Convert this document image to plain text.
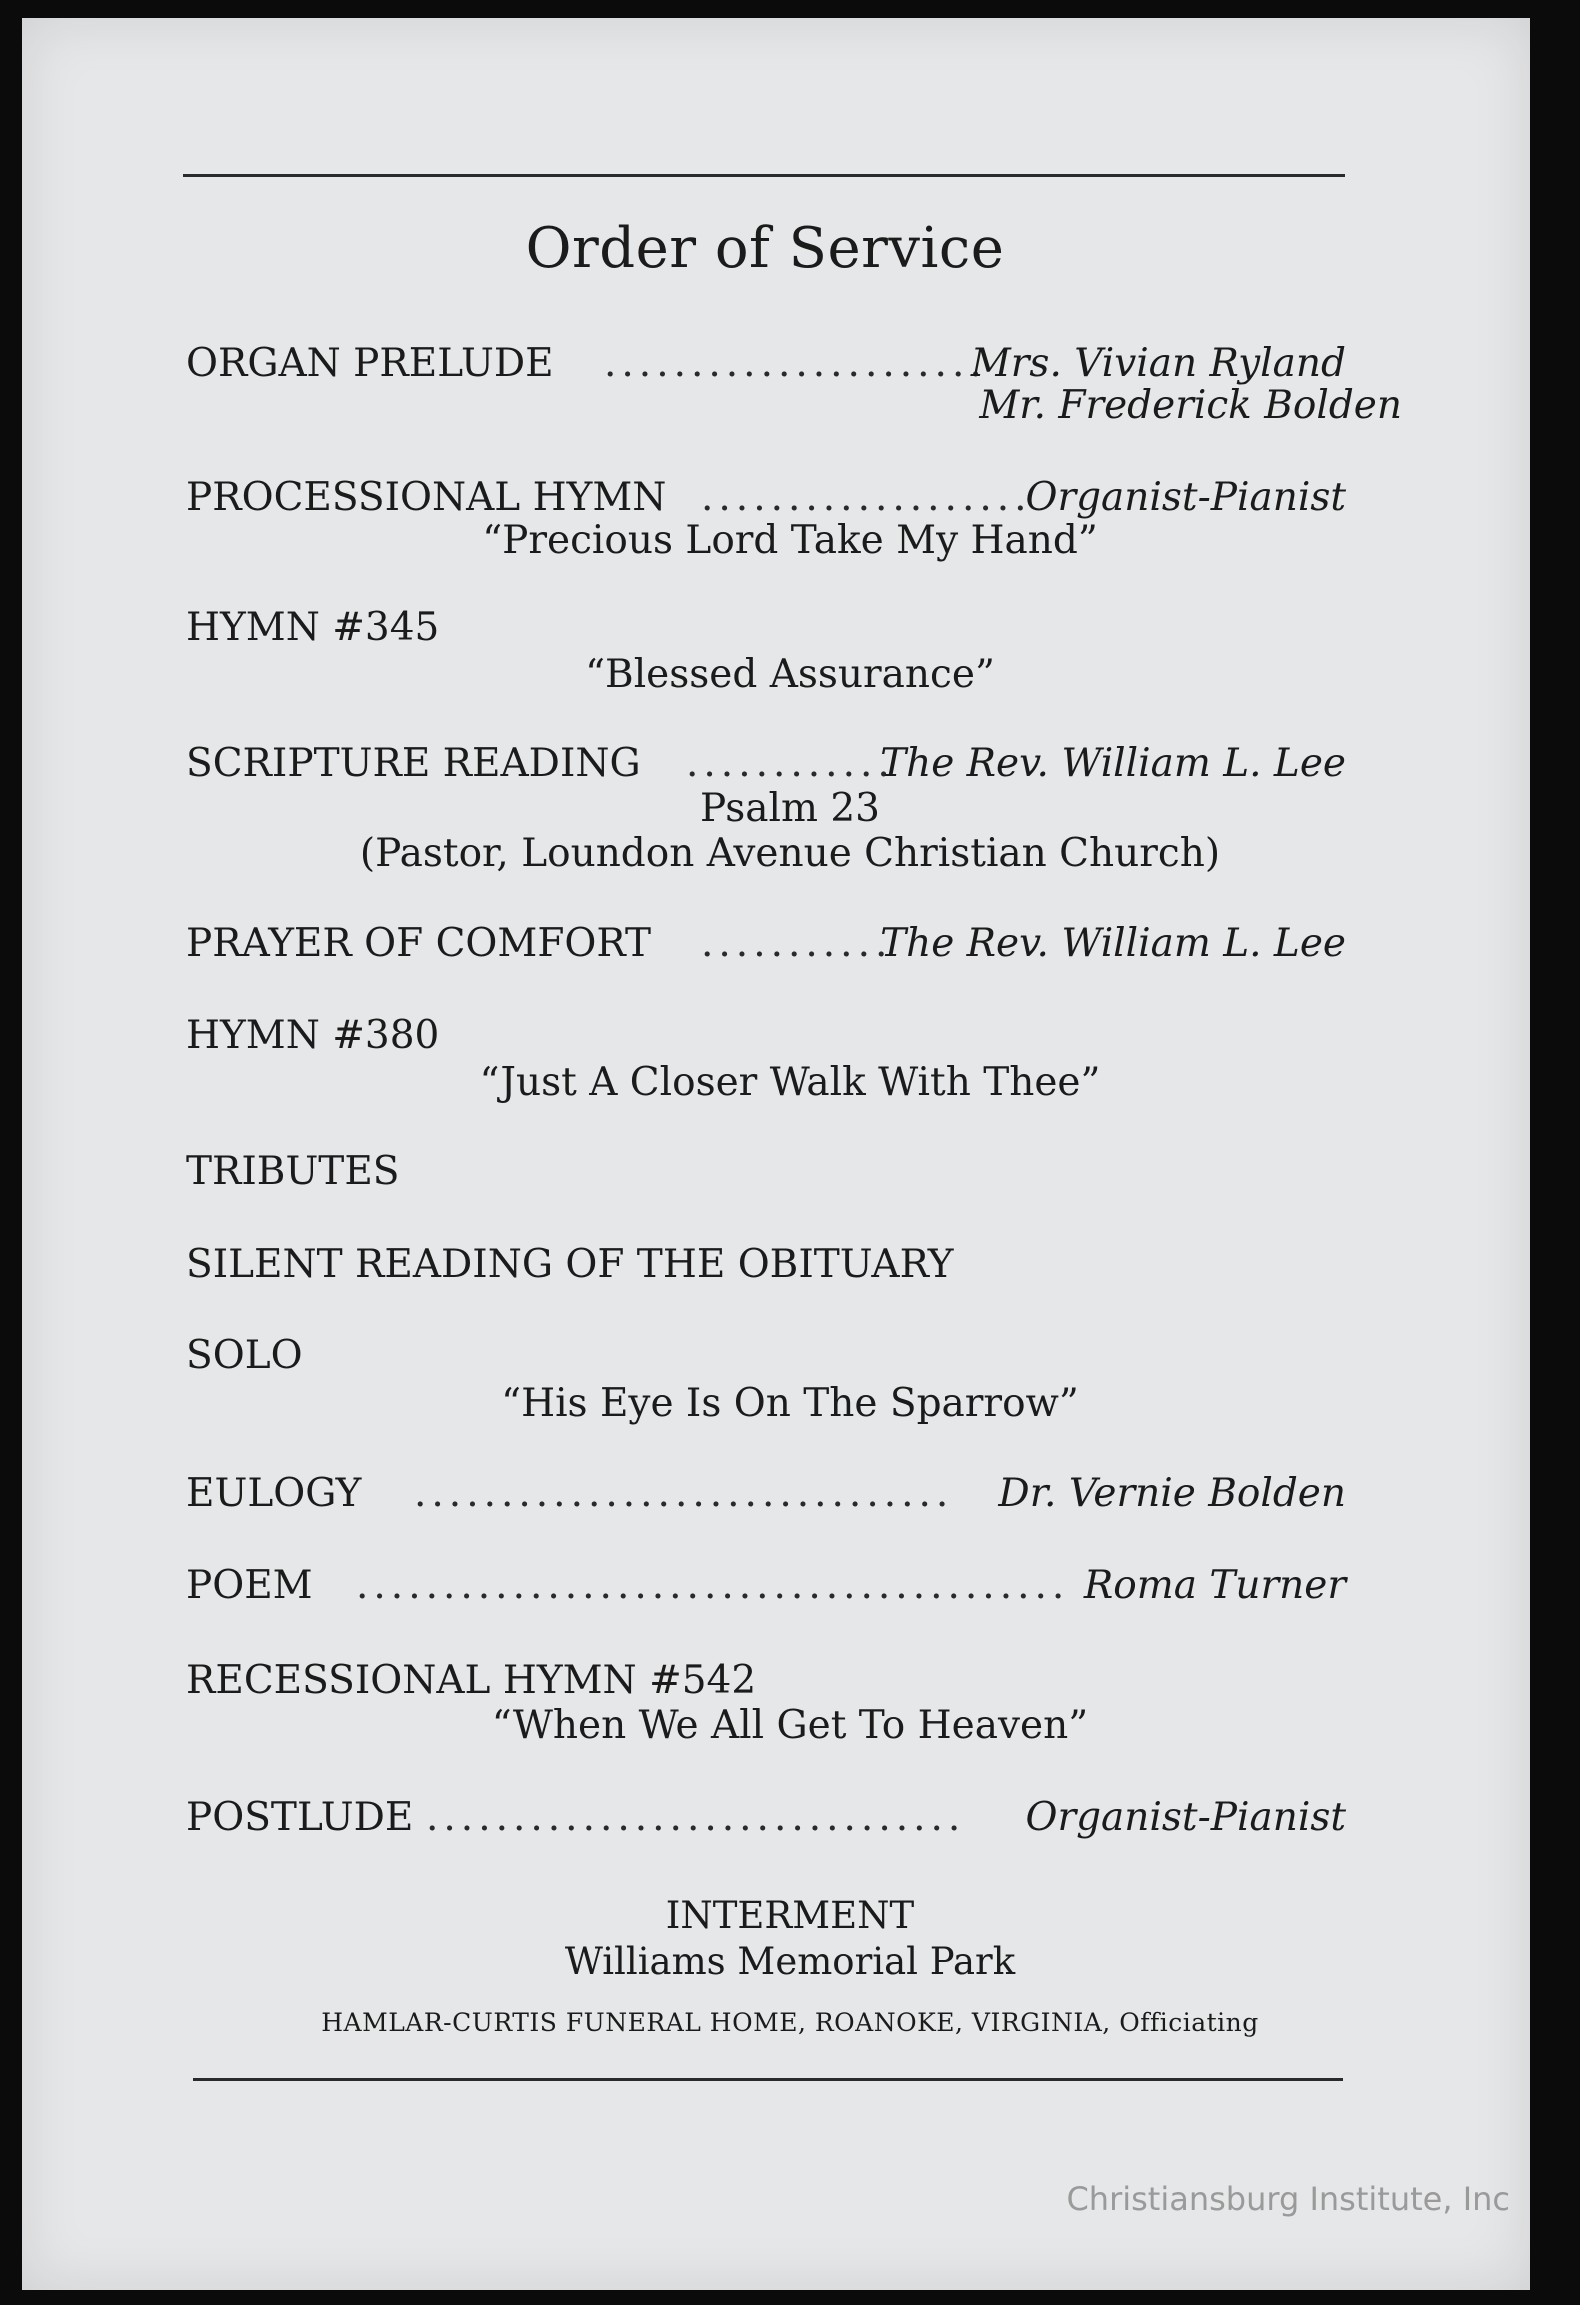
Order of Service
ORGAN PRELUDE ......................
Mrs. Vivian Ryland
Mr. Frederick Bolden
PROCESSIONAL HYMN ...................
Organist-Pianist
“Precious Lord Take My Hand”
HYMN #345
“Blessed Assurance”
SCRIPTURE READING ............
The Rev. William L. Lee
Psalm 23
(Pastor, Loundon Avenue Christian Church)
PRAYER OF COMFORT ...........
The Rev. William L. Lee
HYMN #380
“Just A Closer Walk With Thee”
TRIBUTES
SILENT READING OF THE OBITUARY
SOLO
“His Eye Is On The Sparrow”
EULOGY ...............................	Dr. Vernie Bolden
POEM ......................................... Roma Turner
RECESSIONAL HYMN #542
“When We All Get To Heaven”
POSTLUDE ...............................	Organist-Pianist
INTERMENT
Williams Memorial Park
HAMLAR-CURTIS FUNERAL HOME, ROANOKE, VIRGINIA, Officiating
Christiansburg Institute, Inc
